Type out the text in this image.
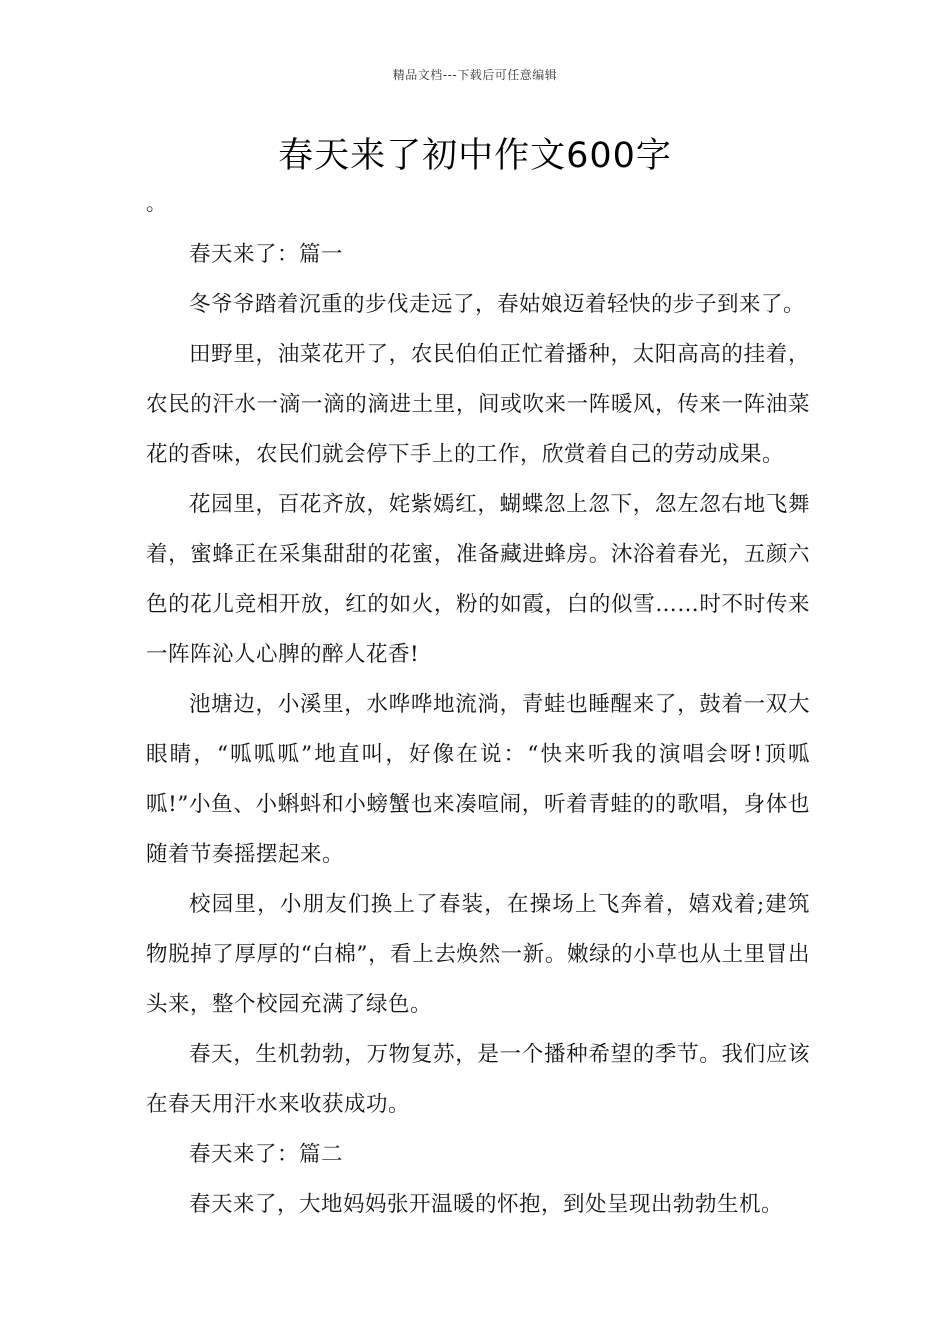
精品文档---下载后可任意编辑
春天来了初中作文600字
。

春天来了：篇一

冬爷爷踏着沉重的步伐走远了，春姑娘迈着轻快的步子到来了。

田野里，油菜花开了，农民伯伯正忙着播种，太阳高高的挂着，农民的汗水一滴一滴的滴进土里，间或吹来一阵暖风，传来一阵油菜花的香味，农民们就会停下手上的工作，欣赏着自己的劳动成果。

花园里，百花齐放，姹紫嫣红，蝴蝶忽上忽下，忽左忽右地飞舞着，蜜蜂正在采集甜甜的花蜜，准备藏进蜂房。沐浴着春光，五颜六色的花儿竞相开放，红的如火，粉的如霞，白的似雪……时不时传来一阵阵沁人心脾的醉人花香!

池塘边，小溪里，水哗哗地流淌，青蛙也睡醒来了，鼓着一双大眼睛，“呱呱呱”地直叫，好像在说：“快来听我的演唱会呀!顶呱呱!”小鱼、小蝌蚪和小螃蟹也来凑喧闹，听着青蛙的的歌唱，身体也随着节奏摇摆起来。

校园里，小朋友们换上了春装，在操场上飞奔着，嬉戏着;建筑物脱掉了厚厚的“白棉”，看上去焕然一新。嫩绿的小草也从土里冒出头来，整个校园充满了绿色。

春天，生机勃勃，万物复苏，是一个播种希望的季节。我们应该在春天用汗水来收获成功。

春天来了：篇二

春天来了，大地妈妈张开温暖的怀抱，到处呈现出勃勃生机。
